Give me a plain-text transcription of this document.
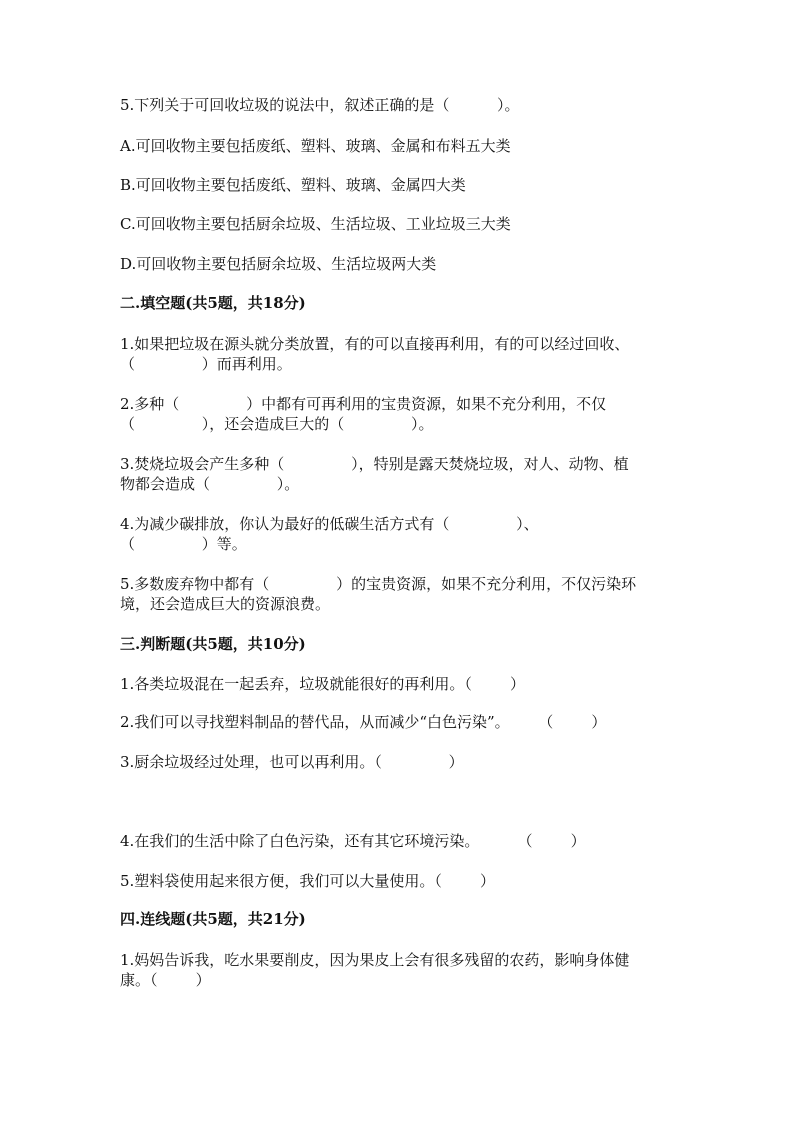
5.下列关于可回收垃圾的说法中，叙述正确的是（          ）。

A.可回收物主要包括废纸、塑料、玻璃、金属和布料五大类

B.可回收物主要包括废纸、塑料、玻璃、金属四大类

C.可回收物主要包括厨余垃圾、生活垃圾、工业垃圾三大类

D.可回收物主要包括厨余垃圾、生活垃圾两大类

二.填空题(共5题，共18分)

1.如果把垃圾在源头就分类放置，有的可以直接再利用，有的可以经过回收、

（              ）而再利用。

2.多种（              ）中都有可再利用的宝贵资源，如果不充分利用，不仅

（              ），还会造成巨大的（              ）。

3.焚烧垃圾会产生多种（              ），特别是露天焚烧垃圾，对人、动物、植

物都会造成（              ）。

4.为减少碳排放，你认为最好的低碳生活方式有（              ）、

（              ）等。

5.多数废弃物中都有（              ）的宝贵资源，如果不充分利用，不仅污染环

境，还会造成巨大的资源浪费。

三.判断题(共5题，共10分)

1.各类垃圾混在一起丢弃，垃圾就能很好的再利用。（        ）

2.我们可以寻找塑料制品的替代品，从而减少“白色污染”。      （        ）

3.厨余垃圾经过处理，也可以再利用。（              ）

4.在我们的生活中除了白色污染，还有其它环境污染。        （        ）

5.塑料袋使用起来很方便，我们可以大量使用。（        ）

四.连线题(共5题，共21分)

1.妈妈告诉我，吃水果要削皮，因为果皮上会有很多残留的农药，影响身体健

康。（        ）
